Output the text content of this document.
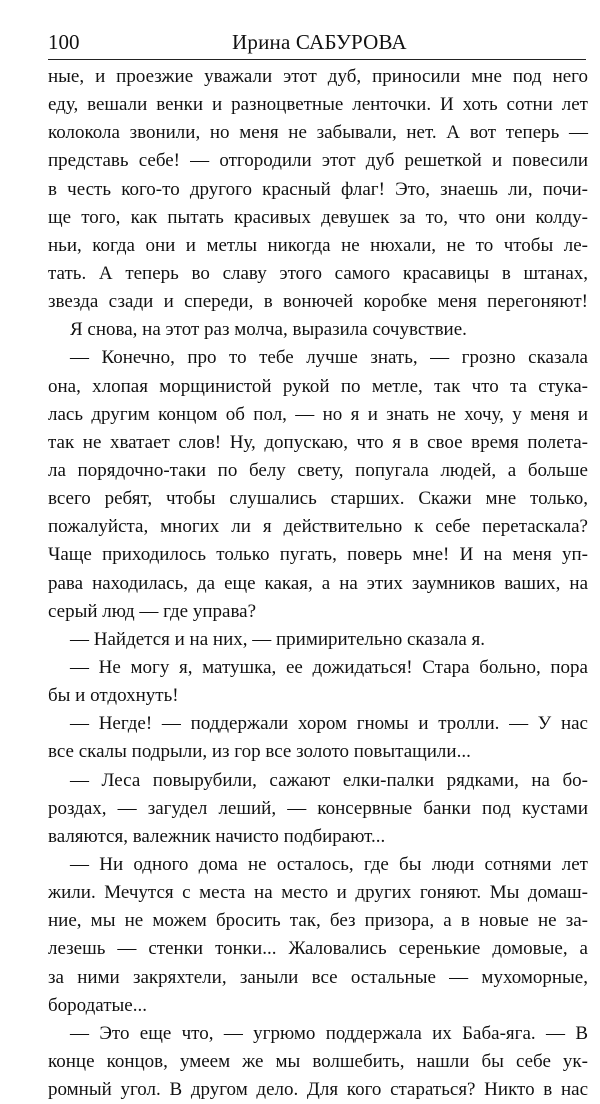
100	Ирина САБУРОВА
ные, и проезжие уважали этот дуб, приносили мне под него
еду, вешали венки и разноцветные ленточки. И хоть сотни лет
колокола звонили, но меня не забывали, нет. А вот теперь —
представь себе! — отгородили этот дуб решеткой и повесили
в честь кого-то другого красный флаг! Это, знаешь ли, почи-
ще того, как пытать красивых девушек за то, что они колду-
ньи, когда они и метлы никогда не нюхали, не то чтобы ле-
тать. А теперь во славу этого самого красавицы в штанах,
звезда сзади и спереди, в вонючей коробке меня перегоняют!
Я снова, на этот раз молча, выразила сочувствие.
— Конечно, про то тебе лучше знать, — грозно сказала
она, хлопая морщинистой рукой по метле, так что та стука-
лась другим концом об пол, — но я и знать не хочу, у меня и
так не хватает слов! Ну, допускаю, что я в свое время полета-
ла порядочно-таки по белу свету, попугала людей, а больше
всего ребят, чтобы слушались старших. Скажи мне только,
пожалуйста, многих ли я действительно к себе перетаскала?
Чаще приходилось только пугать, поверь мне! И на меня уп-
рава находилась, да еще какая, а на этих заумников ваших, на
серый люд — где управа?
— Найдется и на них, — примирительно сказала я.
— Не могу я, матушка, ее дожидаться! Стара больно, пора
бы и отдохнуть!
— Негде! — поддержали хором гномы и тролли. — У нас
все скалы подрыли, из гор все золото повытащили...
— Леса повырубили, сажают елки-палки рядками, на бо-
роздах, — загудел леший, — консервные банки под кустами
валяются, валежник начисто подбирают...
— Ни одного дома не осталось, где бы люди сотнями лет
жили. Мечутся с места на место и других гоняют. Мы домаш-
ние, мы не можем бросить так, без призора, а в новые не за-
лезешь — стенки тонки... Жаловались серенькие домовые, а
за ними закряхтели, заныли все остальные — мухоморные,
бородатые...
— Это еще что, — угрюмо поддержала их Баба-яга. — В
конце концов, умеем же мы волшебить, нашли бы себе ук-
ромный угол. В другом дело. Для кого стараться? Никто в нас
